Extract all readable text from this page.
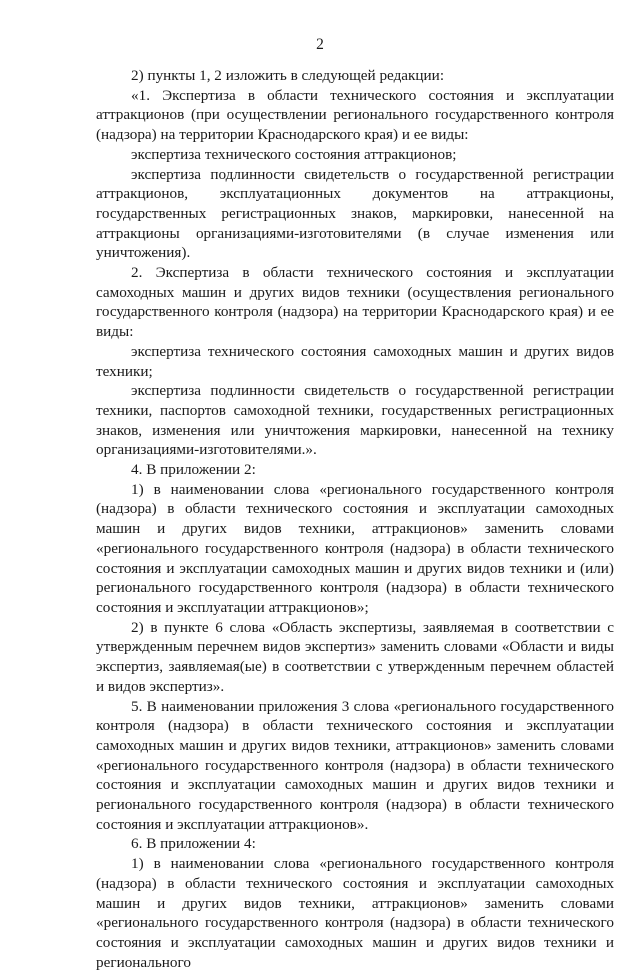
2

2) пункты 1, 2 изложить в следующей редакции:

«1. Экспертиза в области технического состояния и эксплуатации аттракционов (при осуществлении регионального государственного контроля (надзора) на территории Краснодарского края) и ее виды:

экспертиза технического состояния аттракционов;

экспертиза подлинности свидетельств о государственной регистрации аттракционов, эксплуатационных документов на аттракционы, государственных регистрационных знаков, маркировки, нанесенной на аттракционы организациями-изготовителями (в случае изменения или уничтожения).

2. Экспертиза в области технического состояния и эксплуатации самоходных машин и других видов техники (осуществления регионального государственного контроля (надзора) на территории Краснодарского края) и ее виды:

экспертиза технического состояния самоходных машин и других видов техники;

экспертиза подлинности свидетельств о государственной регистрации техники, паспортов самоходной техники, государственных регистрационных знаков, изменения или уничтожения маркировки, нанесенной на технику организациями-изготовителями.».

4. В приложении 2:

1) в наименовании слова «регионального государственного контроля (надзора) в области технического состояния и эксплуатации самоходных машин и других видов техники, аттракционов» заменить словами «регионального государственного контроля (надзора) в области технического состояния и эксплуатации самоходных машин и других видов техники и (или) регионального государственного контроля (надзора) в области технического состояния и эксплуатации аттракционов»;

2) в пункте 6 слова «Область экспертизы, заявляемая в соответствии с утвержденным перечнем видов экспертиз» заменить словами «Области и виды экспертиз, заявляемая(ые) в соответствии с утвержденным перечнем областей и видов экспертиз».

5. В наименовании приложения 3 слова «регионального государственного контроля (надзора) в области технического состояния и эксплуатации самоходных машин и других видов техники, аттракционов» заменить словами «регионального государственного контроля (надзора) в области технического состояния и эксплуатации самоходных машин и других видов техники и регионального государственного контроля (надзора) в области технического состояния и эксплуатации аттракционов».

6. В приложении 4:

1) в наименовании слова «регионального государственного контроля (надзора) в области технического состояния и эксплуатации самоходных машин и других видов техники, аттракционов» заменить словами «регионального государственного контроля (надзора) в области технического состояния и эксплуатации самоходных машин и других видов техники и регионального
